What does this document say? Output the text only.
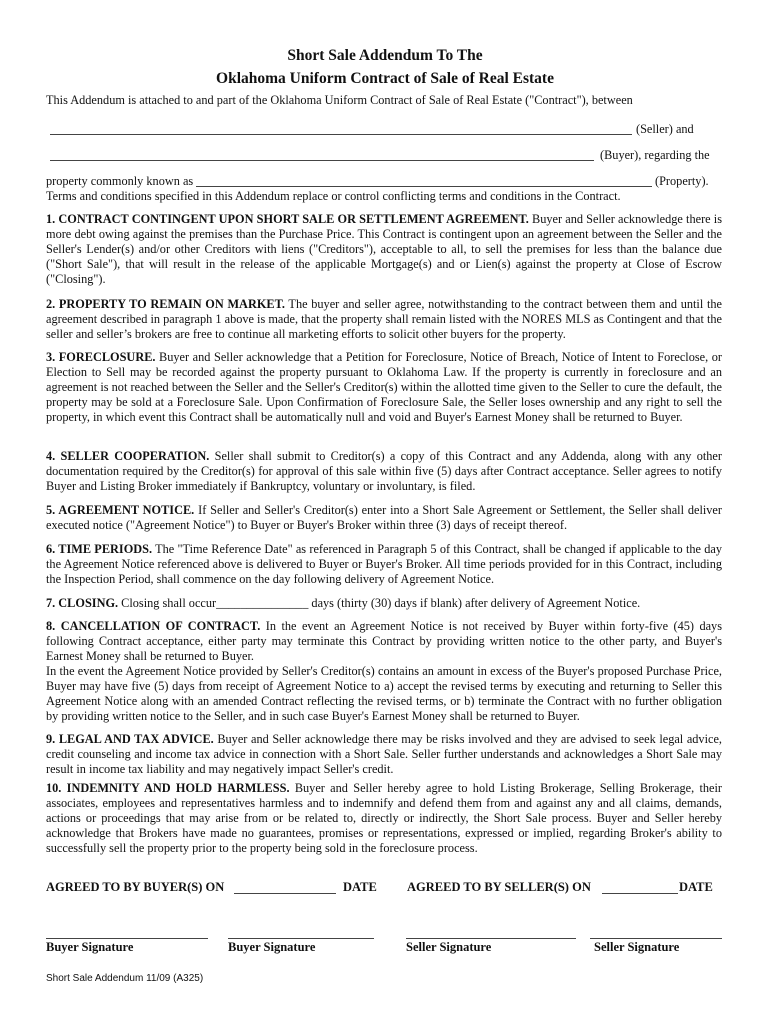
Short Sale Addendum To The
Oklahoma Uniform Contract of Sale of Real Estate
This Addendum is attached to and part of the Oklahoma Uniform Contract of Sale of Real Estate ("Contract"), between
(Seller) and
(Buyer), regarding the
property commonly known as	(Property).
Terms and conditions specified in this Addendum replace or control conflicting terms and conditions in the Contract.
1. CONTRACT CONTINGENT UPON SHORT SALE OR SETTLEMENT AGREEMENT. Buyer and Seller acknowledge there is more debt owing against the premises than the Purchase Price. This Contract is contingent upon an agreement between the Seller and the Seller's Lender(s) and/or other Creditors with liens ("Creditors"), acceptable to all, to sell the premises for less than the balance due ("Short Sale"), that will result in the release of the applicable Mortgage(s) and or Lien(s) against the property at Close of Escrow ("Closing").
2. PROPERTY TO REMAIN ON MARKET. The buyer and seller agree, notwithstanding to the contract between them and until the agreement described in paragraph 1 above is made, that the property shall remain listed with the NORES MLS as Contingent and that the seller and seller’s brokers are free to continue all marketing efforts to solicit other buyers for the property.
3. FORECLOSURE. Buyer and Seller acknowledge that a Petition for Foreclosure, Notice of Breach, Notice of Intent to Foreclose, or Election to Sell may be recorded against the property pursuant to Oklahoma Law. If the property is currently in foreclosure and an agreement is not reached between the Seller and the Seller's Creditor(s) within the allotted time given to the Seller to cure the default, the property may be sold at a Foreclosure Sale. Upon Confirmation of Foreclosure Sale, the Seller loses ownership and any right to sell the property, in which event this Contract shall be automatically null and void and Buyer's Earnest Money shall be returned to Buyer.
4. SELLER COOPERATION. Seller shall submit to Creditor(s) a copy of this Contract and any Addenda, along with any other documentation required by the Creditor(s) for approval of this sale within five (5) days after Contract acceptance. Seller agrees to notify Buyer and Listing Broker immediately if Bankruptcy, voluntary or involuntary, is filed.
5. AGREEMENT NOTICE. If Seller and Seller's Creditor(s) enter into a Short Sale Agreement or Settlement, the Seller shall deliver executed notice ("Agreement Notice") to Buyer or Buyer's Broker within three (3) days of receipt thereof.
6. TIME PERIODS. The "Time Reference Date" as referenced in Paragraph 5 of this Contract, shall be changed if applicable to the day the Agreement Notice referenced above is delivered to Buyer or Buyer's Broker. All time periods provided for in this Contract, including the Inspection Period, shall commence on the day following delivery of Agreement Notice.
7. CLOSING. Closing shall occur_______________ days (thirty (30) days if blank) after delivery of Agreement Notice.
8. CANCELLATION OF CONTRACT. In the event an Agreement Notice is not received by Buyer within forty-five (45) days following Contract acceptance, either party may terminate this Contract by providing written notice to the other party, and Buyer's Earnest Money shall be returned to Buyer.
In the event the Agreement Notice provided by Seller's Creditor(s) contains an amount in excess of the Buyer's proposed Purchase Price, Buyer may have five (5) days from receipt of Agreement Notice to a) accept the revised terms by executing and returning to Seller this Agreement Notice along with an amended Contract reflecting the revised terms, or b) terminate the Contract with no further obligation by providing written notice to the Seller, and in such case Buyer's Earnest Money shall be returned to Buyer.
9. LEGAL AND TAX ADVICE. Buyer and Seller acknowledge there may be risks involved and they are advised to seek legal advice, credit counseling and income tax advice in connection with a Short Sale. Seller further understands and acknowledges a Short Sale may result in income tax liability and may negatively impact Seller's credit.
10. INDEMNITY AND HOLD HARMLESS. Buyer and Seller hereby agree to hold Listing Brokerage, Selling Brokerage, their associates, employees and representatives harmless and to indemnify and defend them from and against any and all claims, demands, actions or proceedings that may arise from or be related to, directly or indirectly, the Short Sale process. Buyer and Seller hereby acknowledge that Brokers have made no guarantees, promises or representations, expressed or implied, regarding Broker's ability to successfully sell the property prior to the property being sold in the foreclosure process.
AGREED TO BY BUYER(S) ON	DATE AGREED TO BY SELLER(S) ON	DATE
Buyer Signature	Buyer Signature	Seller Signature	Seller Signature
Short Sale Addendum 11/09 (A325)
